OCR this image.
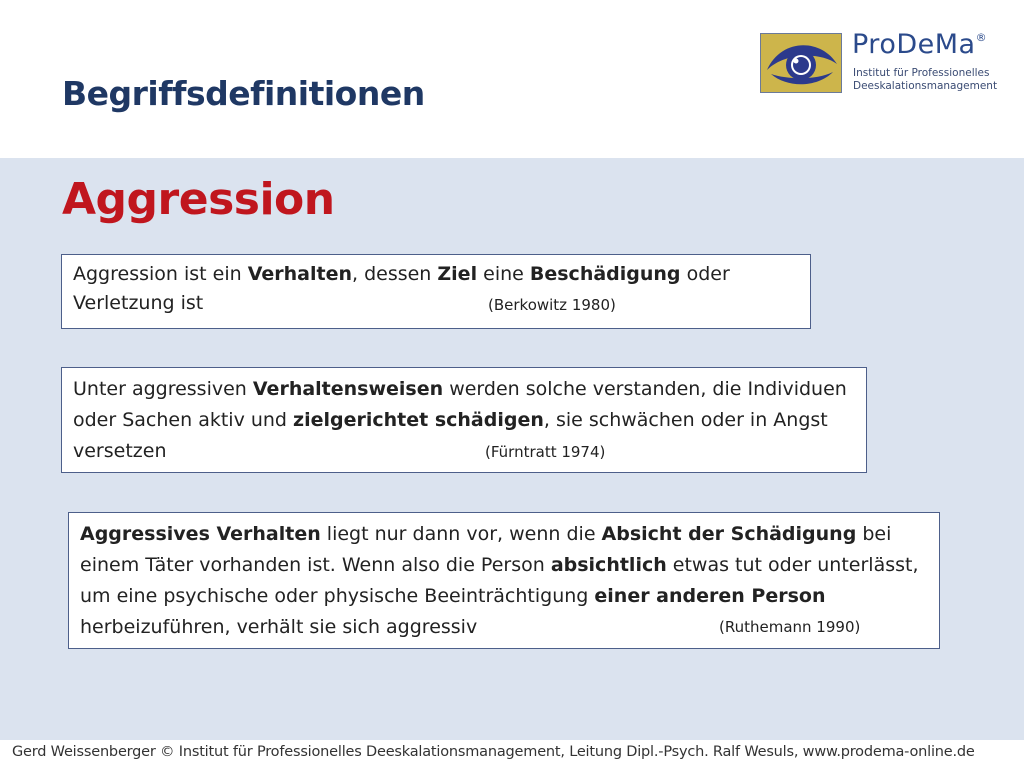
Begriffsdefinitionen
ProDeMa®
Institut für Professionelles
Deeskalationsmanagement
Aggression
Aggression ist ein Verhalten, dessen Ziel eine Beschädigung oder Verletzung ist	(Berkowitz 1980)
Unter aggressiven Verhaltensweisen werden solche verstanden, die Individuen oder Sachen aktiv und zielgerichtet schädigen, sie schwächen oder in Angst versetzen	(Fürntratt 1974)
Aggressives Verhalten liegt nur dann vor, wenn die Absicht der Schädigung bei einem Täter vorhanden ist. Wenn also die Person absichtlich etwas tut oder unterlässt, um eine psychische oder physische Beeinträchtigung einer anderen Person herbeizuführen, verhält sie sich aggressiv	(Ruthemann 1990)
Gerd Weissenberger © Institut für Professionelles Deeskalationsmanagement, Leitung Dipl.-Psych. Ralf Wesuls, www.prodema-online.de
